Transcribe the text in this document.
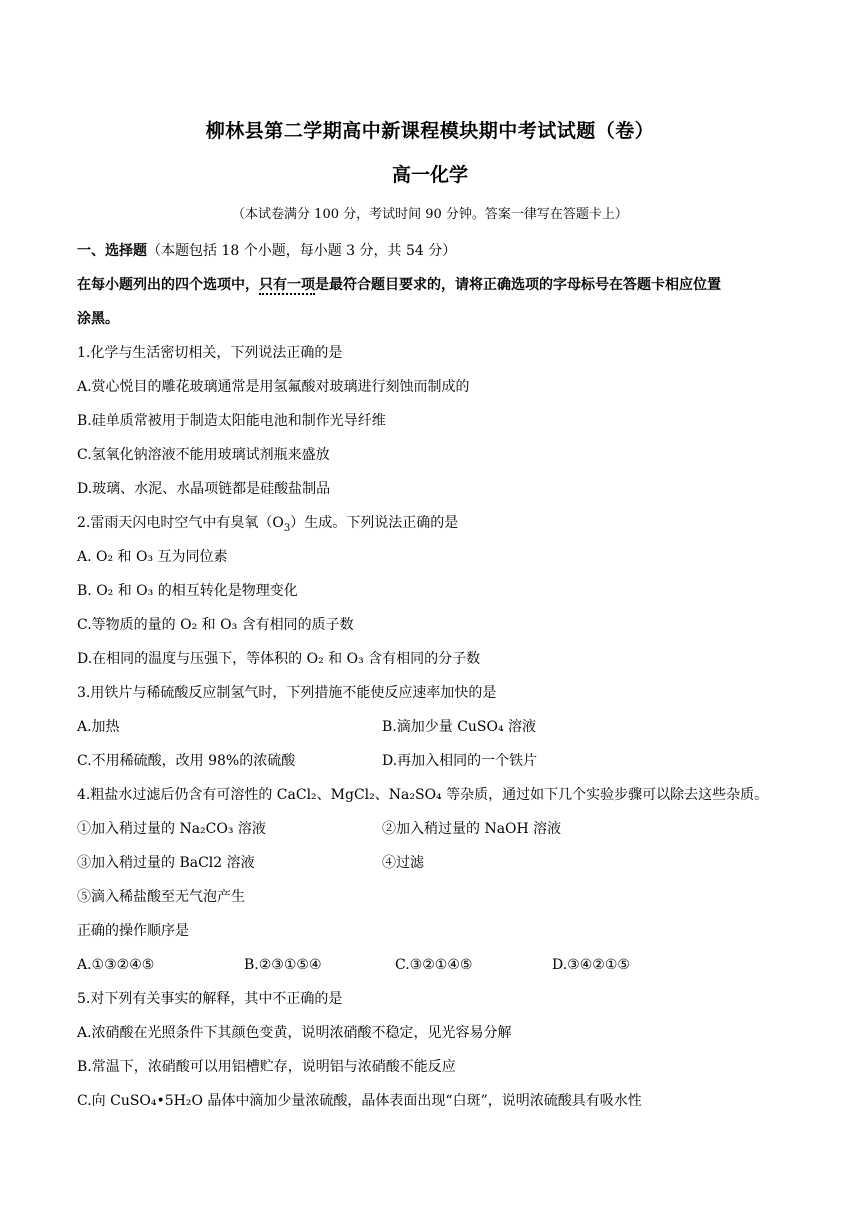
柳林县第二学期高中新课程模块期中考试试题（卷）
高一化学
（本试卷满分 100 分，考试时间 90 分钟。答案一律写在答题卡上）
一、选择题（本题包括 18 个小题，每小题 3 分，共 54 分）
在每小题列出的四个选项中，只有一项是最符合题目要求的，请将正确选项的字母标号在答题卡相应位置
涂黑。
1.化学与生活密切相关，下列说法正确的是
A.赏心悦目的雕花玻璃通常是用氢氟酸对玻璃进行刻蚀而制成的
B.硅单质常被用于制造太阳能电池和制作光导纤维
C.氢氧化钠溶液不能用玻璃试剂瓶来盛放
D.玻璃、水泥、水晶项链都是硅酸盐制品
2.雷雨天闪电时空气中有臭氧$(O_3)$生成。下列说法正确的是
A. O₂ 和 O₃ 互为同位素
B. O₂ 和 O₃ 的相互转化是物理变化
C.等物质的量的 O₂ 和 O₃ 含有相同的质子数
D.在相同的温度与压强下，等体积的 O₂ 和 O₃ 含有相同的分子数
3.用铁片与稀硫酸反应制氢气时，下列措施不能使反应速率加快的是
A.加热	B.滴加少量 CuSO₄ 溶液
C.不用稀硫酸，改用 98%的浓硫酸	D.再加入相同的一个铁片
4.粗盐水过滤后仍含有可溶性的 CaCl₂、MgCl₂、Na₂SO₄ 等杂质，通过如下几个实验步骤可以除去这些杂质。
①加入稍过量的 Na₂CO₃ 溶液	②加入稍过量的 NaOH 溶液
③加入稍过量的 BaCl2 溶液	④过滤
⑤滴入稀盐酸至无气泡产生
正确的操作顺序是
A.①③②④⑤	B.②③①⑤④	C.③②①④⑤	D.③④②①⑤
5.对下列有关事实的解释，其中不正确的是
A.浓硝酸在光照条件下其颜色变黄，说明浓硝酸不稳定，见光容易分解
B.常温下，浓硝酸可以用铝槽贮存，说明铝与浓硝酸不能反应
C.向 CuSO₄•5H₂O 晶体中滴加少量浓硫酸，晶体表面出现“白斑”，说明浓硫酸具有吸水性
